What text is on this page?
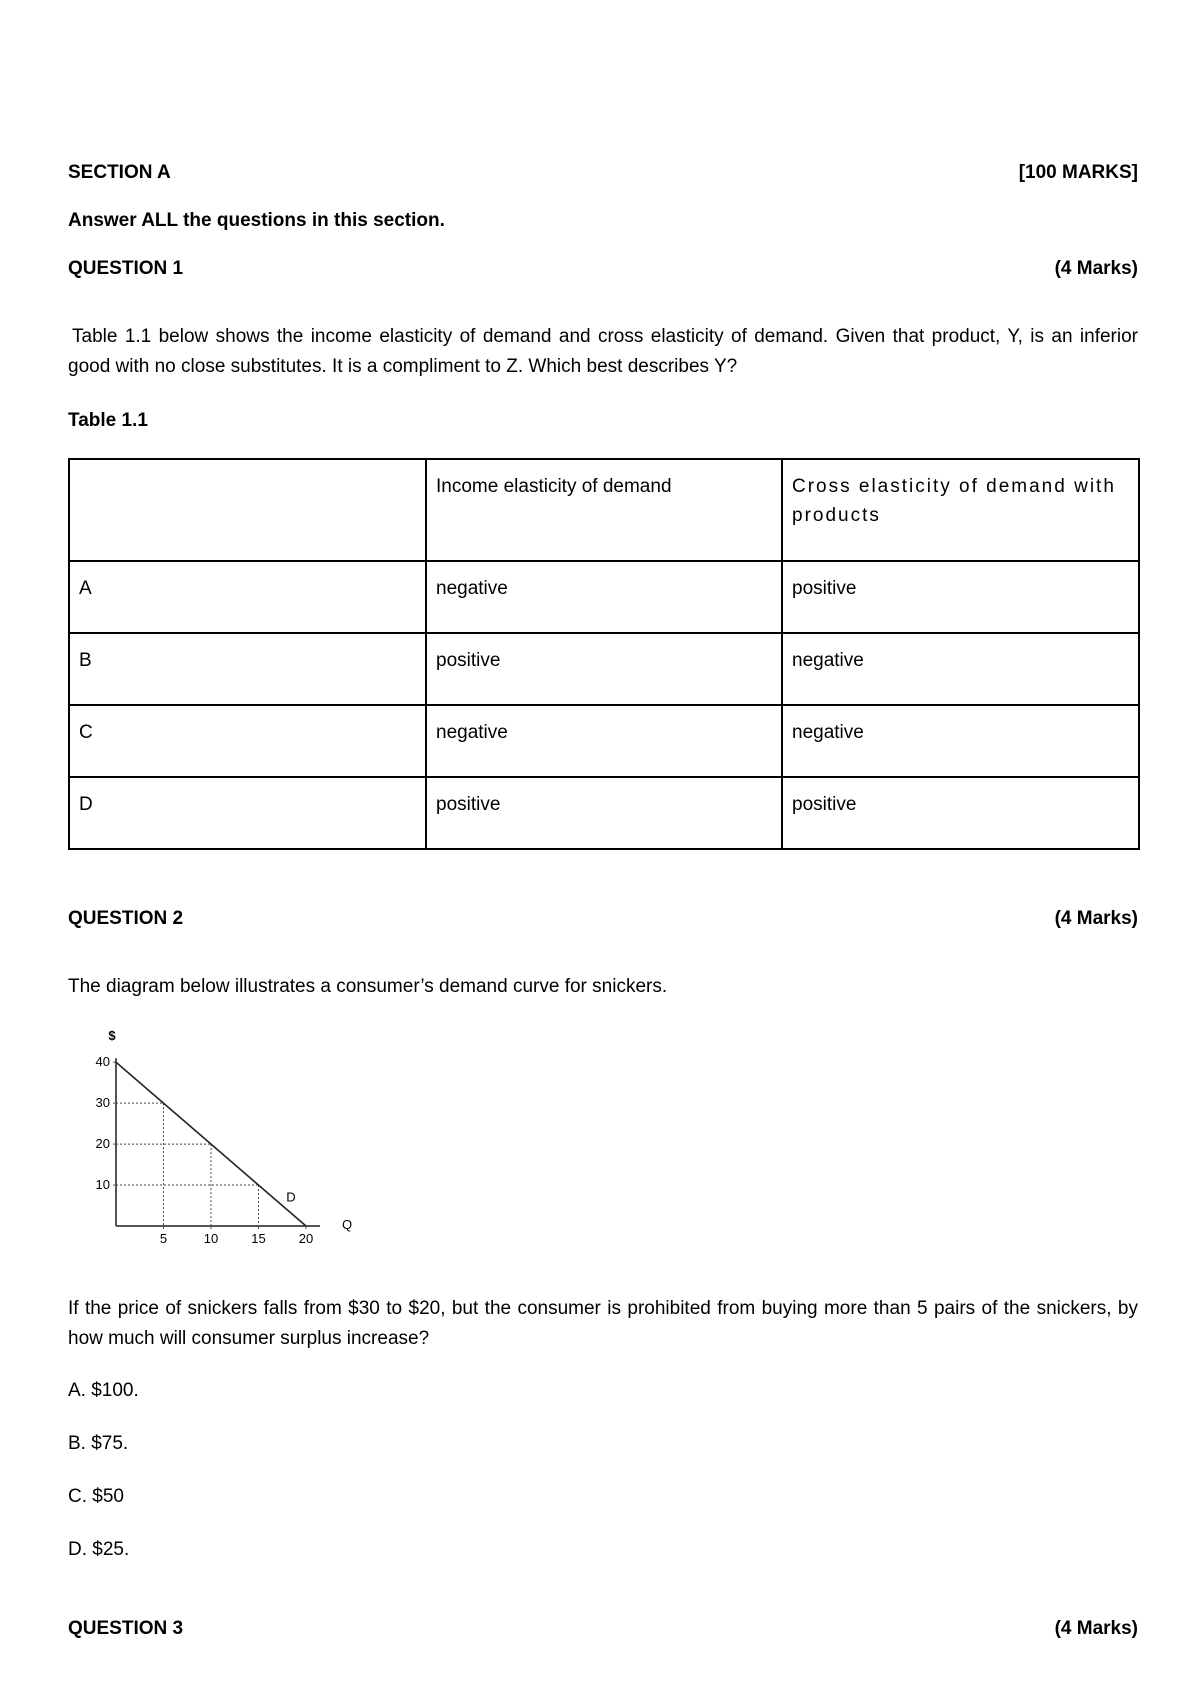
SECTION A	[100 MARKS]
Answer ALL the questions in this section.
QUESTION 1	(4 Marks)
Table 1.1 below shows the income elasticity of demand and cross elasticity of demand. Given that product, Y, is an inferior good with no close substitutes. It is a compliment to Z. Which best describes Y?
Table 1.1
	Income elasticity of demand	Cross elasticity of demand with products
A	negative	positive
B	positive	negative
C	negative	negative
D	positive	positive
QUESTION 2	(4 Marks)
The diagram below illustrates a consumer’s demand curve for snickers.
$
Q
10
20
30
40
5	10	15	20
D
If the price of snickers falls from $30 to $20, but the consumer is prohibited from buying more than 5 pairs of the snickers, by how much will consumer surplus increase?
A. $100.
B. $75.
C. $50
D. $25.
QUESTION 3	(4 Marks)
